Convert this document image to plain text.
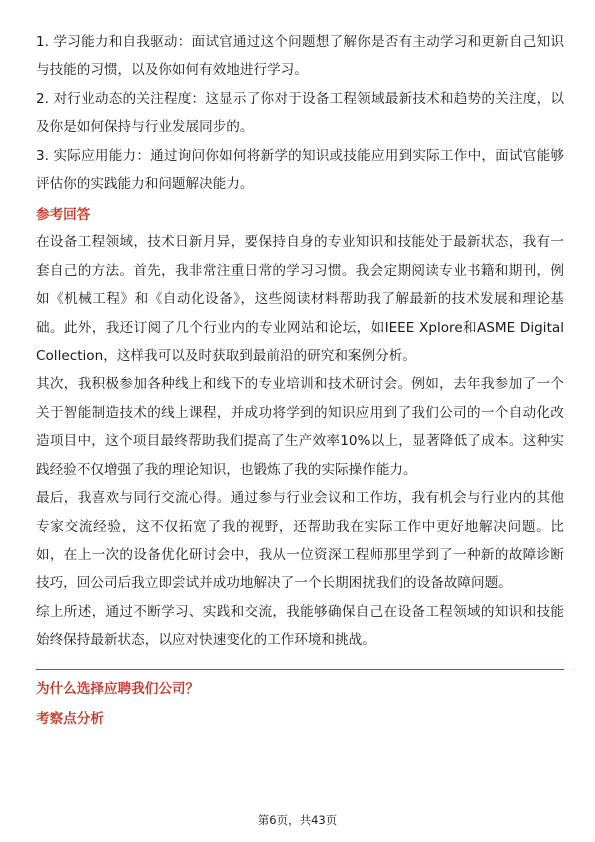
1. 学习能力和自我驱动：面试官通过这个问题想了解你是否有主动学习和更新自己知识与技能的习惯，以及你如何有效地进行学习。

2. 对行业动态的关注程度：这显示了你对于设备工程领域最新技术和趋势的关注度，以及你是如何保持与行业发展同步的。

3. 实际应用能力：通过询问你如何将新学的知识或技能应用到实际工作中，面试官能够评估你的实践能力和问题解决能力。

参考回答

在设备工程领域，技术日新月异，要保持自身的专业知识和技能处于最新状态，我有一套自己的方法。首先，我非常注重日常的学习习惯。我会定期阅读专业书籍和期刊，例如《机械工程》和《自动化设备》，这些阅读材料帮助我了解最新的技术发展和理论基础。此外，我还订阅了几个行业内的专业网站和论坛，如IEEE Xplore和ASME Digital Collection，这样我可以及时获取到最前沿的研究和案例分析。

其次，我积极参加各种线上和线下的专业培训和技术研讨会。例如，去年我参加了一个关于智能制造技术的线上课程，并成功将学到的知识应用到了我们公司的一个自动化改造项目中，这个项目最终帮助我们提高了生产效率10%以上，显著降低了成本。这种实践经验不仅增强了我的理论知识，也锻炼了我的实际操作能力。

最后，我喜欢与同行交流心得。通过参与行业会议和工作坊，我有机会与行业内的其他专家交流经验，这不仅拓宽了我的视野，还帮助我在实际工作中更好地解决问题。比如，在上一次的设备优化研讨会中，我从一位资深工程师那里学到了一种新的故障诊断技巧，回公司后我立即尝试并成功地解决了一个长期困扰我们的设备故障问题。

综上所述，通过不断学习、实践和交流，我能够确保自己在设备工程领域的知识和技能始终保持最新状态，以应对快速变化的工作环境和挑战。

为什么选择应聘我们公司？
考察点分析
第6页，共43页
